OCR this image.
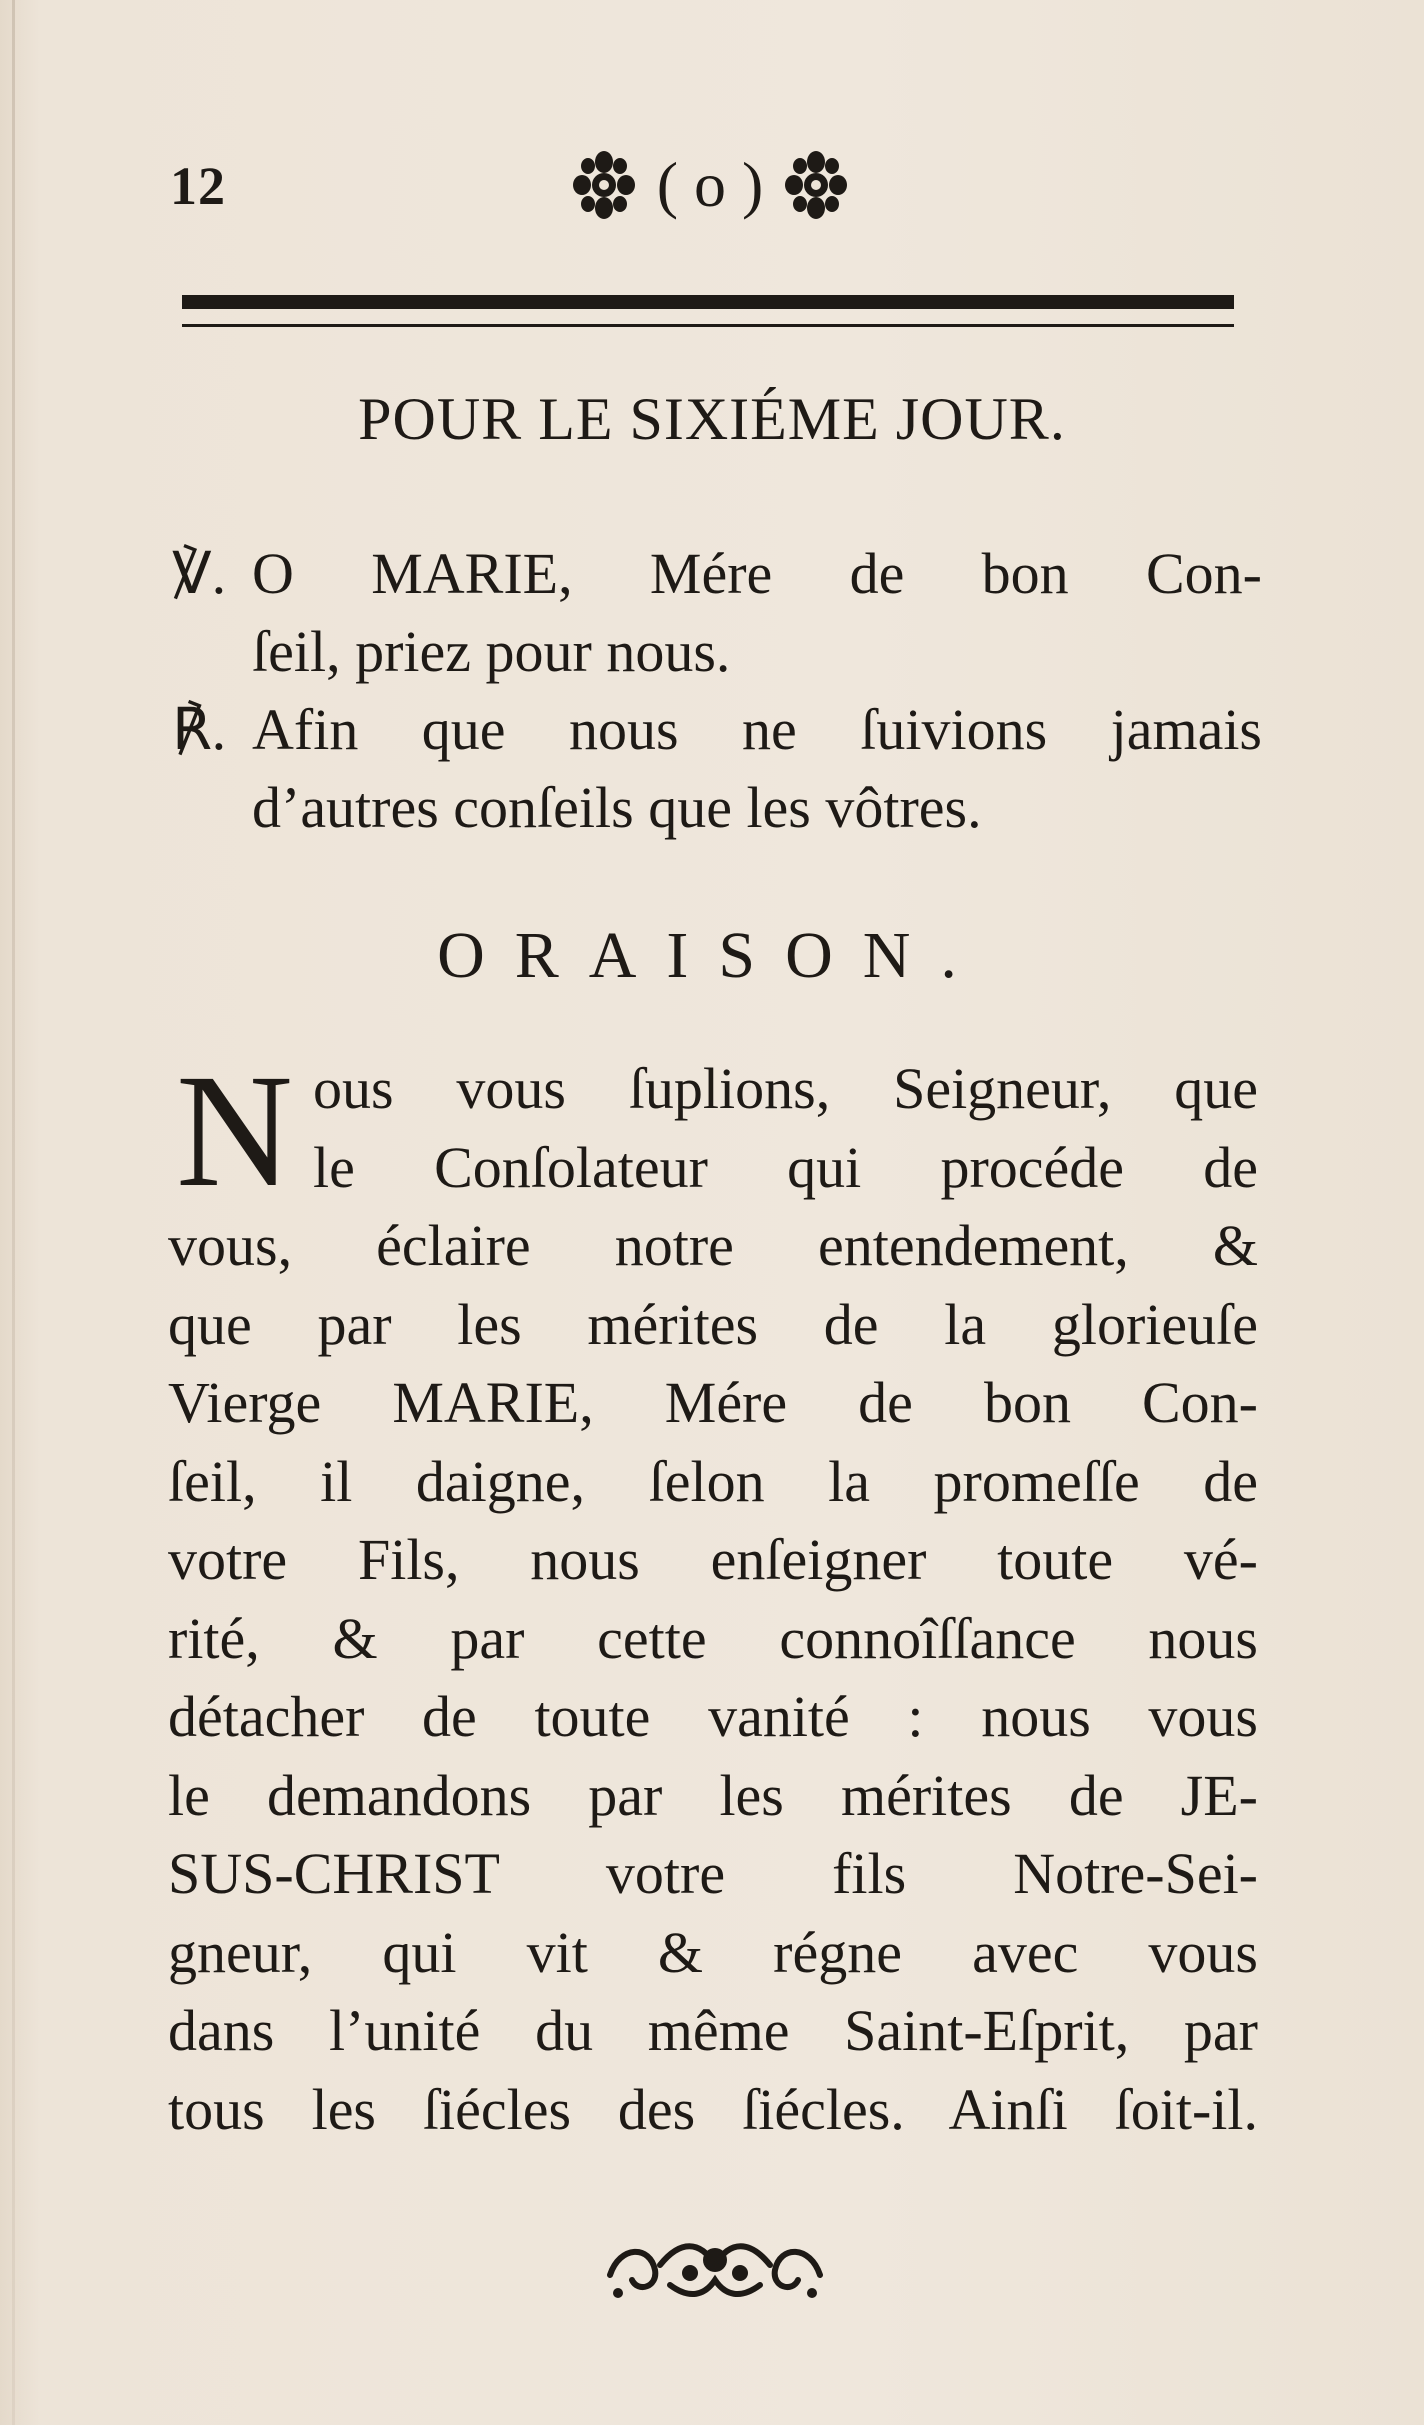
12	( o )
POUR LE SIXIÉME JOUR.
℣. O MARIE, Mére de bon Con-
ſeil, priez pour nous.
℟. Afin que nous ne ſuivions jamais
d’autres conſeils que les vôtres.
ORAISON.
N ous vous ſuplions, Seigneur, que
le Conſolateur qui procéde de
vous, éclaire notre entendement, &
que par les mérites de la glorieuſe
Vierge MARIE, Mére de bon Con-
ſeil, il daigne, ſelon la promeſſe de
votre Fils, nous enſeigner toute vé-
rité, & par cette connoîſſance nous
détacher de toute vanité : nous vous
le demandons par les mérites de JE-
SUS-CHRIST votre fils Notre-Sei-
gneur, qui vit & régne avec vous
dans l’unité du même Saint-Eſprit, par
tous les ſiécles des ſiécles. Ainſi ſoit-il.
